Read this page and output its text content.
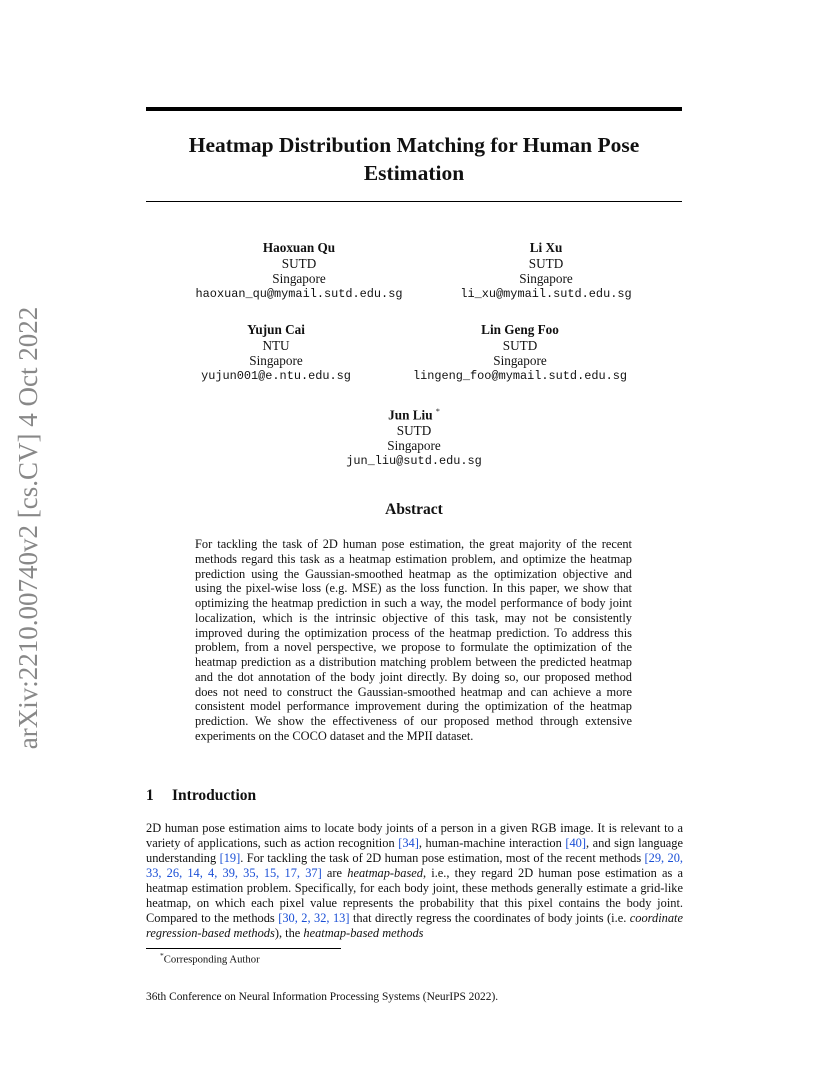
arXiv:2210.00740v2 [cs.CV] 4 Oct 2022
Heatmap Distribution Matching for Human Pose Estimation
Haoxuan Qu
SUTD
Singapore
haoxuan_qu@mymail.sutd.edu.sg
Li Xu
SUTD
Singapore
li_xu@mymail.sutd.edu.sg
Yujun Cai
NTU
Singapore
yujun001@e.ntu.edu.sg
Lin Geng Foo
SUTD
Singapore
lingeng_foo@mymail.sutd.edu.sg
Jun Liu *
SUTD
Singapore
jun_liu@sutd.edu.sg
Abstract
For tackling the task of 2D human pose estimation, the great majority of the recent methods regard this task as a heatmap estimation problem, and optimize the heatmap prediction using the Gaussian-smoothed heatmap as the optimization objective and using the pixel-wise loss (e.g. MSE) as the loss function. In this paper, we show that optimizing the heatmap prediction in such a way, the model performance of body joint localization, which is the intrinsic objective of this task, may not be consistently improved during the optimization process of the heatmap prediction. To address this problem, from a novel perspective, we propose to formulate the optimization of the heatmap prediction as a distribution matching problem between the predicted heatmap and the dot annotation of the body joint directly. By doing so, our proposed method does not need to construct the Gaussian-smoothed heatmap and can achieve a more consistent model performance improvement during the optimization of the heatmap prediction. We show the effectiveness of our proposed method through extensive experiments on the COCO dataset and the MPII dataset.
1 Introduction
2D human pose estimation aims to locate body joints of a person in a given RGB image. It is relevant to a variety of applications, such as action recognition [34], human-machine interaction [40], and sign language understanding [19]. For tackling the task of 2D human pose estimation, most of the recent methods [29, 20, 33, 26, 14, 4, 39, 35, 15, 17, 37] are heatmap-based, i.e., they regard 2D human pose estimation as a heatmap estimation problem. Specifically, for each body joint, these methods generally estimate a grid-like heatmap, on which each pixel value represents the probability that this pixel contains the body joint. Compared to the methods [30, 2, 32, 13] that directly regress the coordinates of body joints (i.e. coordinate regression-based methods), the heatmap-based methods
*Corresponding Author
36th Conference on Neural Information Processing Systems (NeurIPS 2022).
